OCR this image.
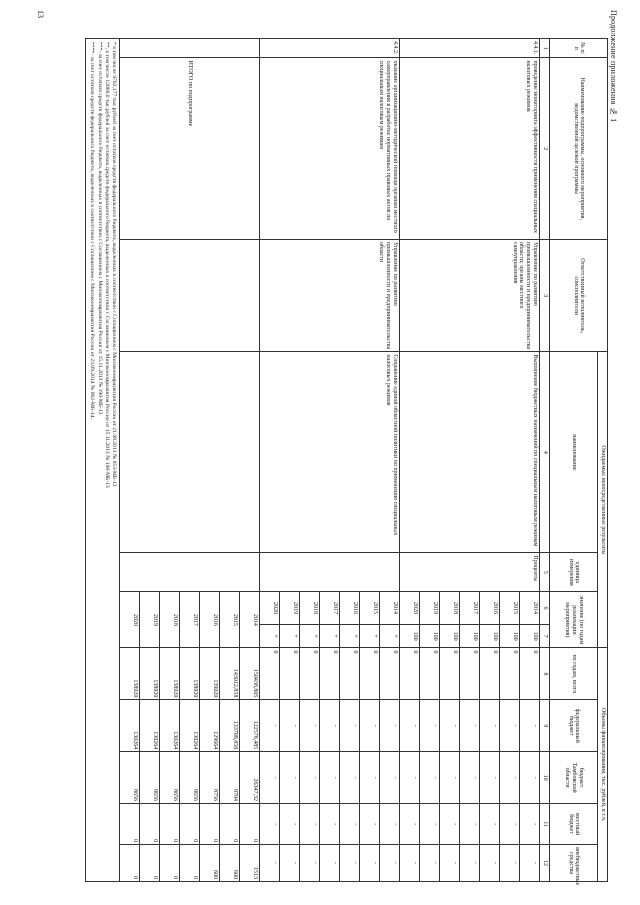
13	Продолжение приложения № 1
№ п/п	Наименование подпрограммы, основного мероприятия, ведомственной целевой программы	Ответственный исполнитель, соисполнители	Ожидаемые непосредственные результаты				Объемы финансирования, тыс. рублей, в т.ч.				
			наименование	единица измерения	значение (по годам реализации мероприятия)		по годам, всего	федеральный бюджет	бюджет Тамбовской области	местный бюджет	внебюджетные средства
1	2	3	4	5	6	7	8	9	10	11	12
4.4.1.	проведение мониторинга эффективности применения специальных налоговых режимов	Управление по развитию промышленности и предпринимательства области; органы местного самоуправления	Выполнение бюджетных назначений по специальным налоговым режимам	Проценты	2014	100	0	-	-	-	-
					2015	100	0	-	-	-	-
					2016	100	0	-	-	-	-
					2017	100	0	-	-	-	-
					2018	100	0	-	-	-	-
					2019	100	0	-	-	-	-
					2020	100	0	-	-	-	-
4.4.2.	оказание организационно-методической помощи органам местного самоуправления в разработке нормативных правовых актов по специальным налоговым режимам	Управление по развитию промышленности и предпринимательства области	Сохранение единой областной политики по применению специальных налоговых режимов		2014	+	0	-	-	-	-
					2015	+	0	-	-	-	-
					2016	+	0	-	-	-	-
					2017	+	0	-	-	-	-
					2018	+	0	-	-	-	-
					2019	+	0	-	-	-	-
					2020	+	0	-	-	-	-
	ИТОГО по подпрограмме				2014		150438,805	122578,485	26347,32	0	1513
					2015		143012,858	133708,858	8704	0	600
					2016		139020	129664	8756	0	600
					2017		138920	130264	8656	0	0
					2018		138920	130264	8656	0	0
					2019		138920	130264	8656	0	0
					2020		138920	130264	8656	0	0

* в том числе 9702,177 тыс.рублей за счет остатков средств федерального бюджета, выделенных в соответствии с Соглашением с Минэкономразвития России от 21.08.2013 № 053-МБ-13
**, в том числе 12000,0 тыс.рублей за счет остатков средств федерального бюджета, выделенных в соответствии с Соглашением с Минэкономразвития России от 15.11.2013 № 190-МБ-13
***- за счет остатков средств федерального бюджета, выделенных в соответствии с Соглашением с Минэкономразвития России от 15.11.2013 № 190-МБ-13
****- за счет остатков средств федерального бюджета, выделенных в соответствии с Соглашением с Минэкономразвития России от 23.09.2014 № 062-МБ-14.											
